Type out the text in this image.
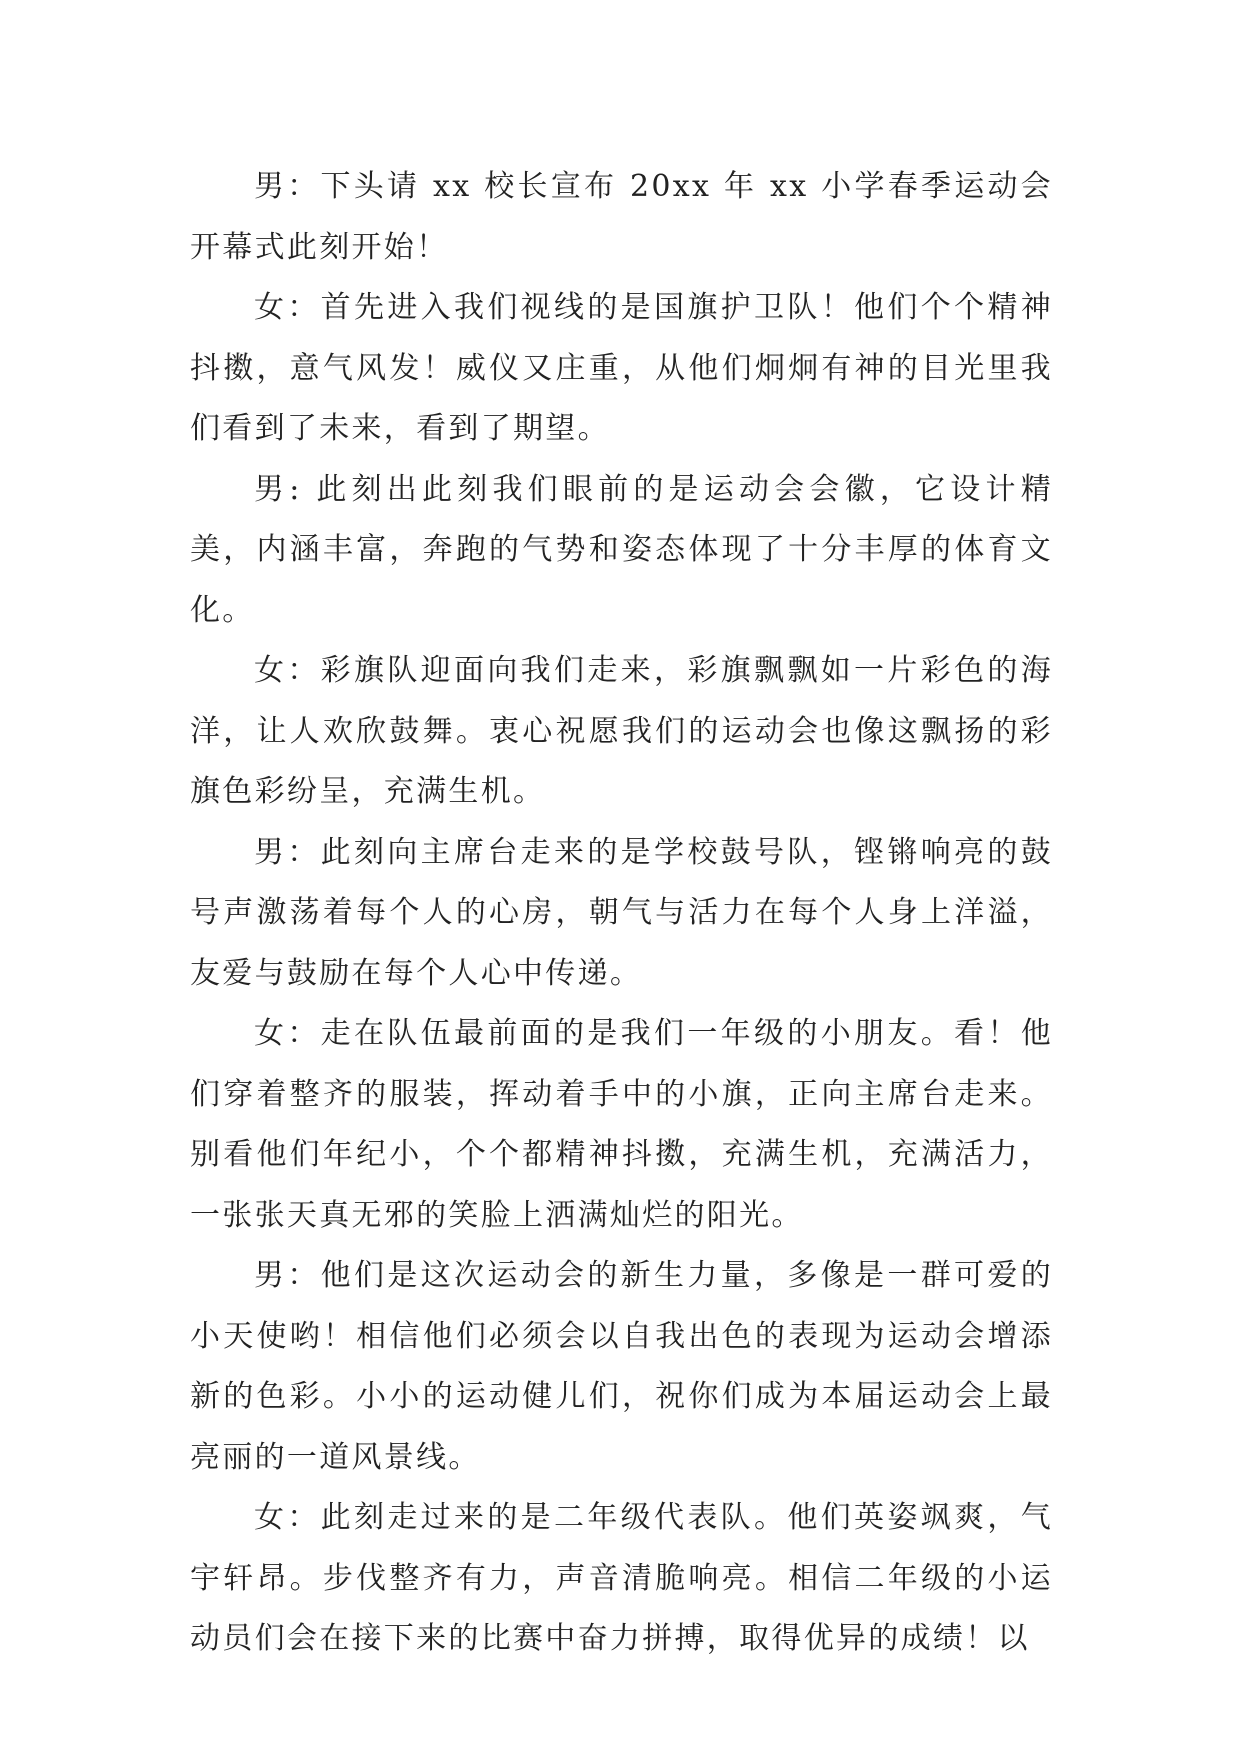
男：下头请 xx 校长宣布 20xx 年 xx 小学春季运动会开幕式此刻开始！

女：首先进入我们视线的是国旗护卫队！他们个个精神抖擞，意气风发！威仪又庄重，从他们炯炯有神的目光里我们看到了未来，看到了期望。

男: 此刻出此刻我们眼前的是运动会会徽，它设计精美，内涵丰富，奔跑的气势和姿态体现了十分丰厚的体育文化。

女：彩旗队迎面向我们走来，彩旗飘飘如一片彩色的海洋，让人欢欣鼓舞。衷心祝愿我们的运动会也像这飘扬的彩旗色彩纷呈，充满生机。

男：此刻向主席台走来的是学校鼓号队，铿锵响亮的鼓号声激荡着每个人的心房，朝气与活力在每个人身上洋溢，友爱与鼓励在每个人心中传递。

女：走在队伍最前面的是我们一年级的小朋友。看！他们穿着整齐的服装，挥动着手中的小旗，正向主席台走来。别看他们年纪小，个个都精神抖擞，充满生机，充满活力，一张张天真无邪的笑脸上洒满灿烂的阳光。

男：他们是这次运动会的新生力量，多像是一群可爱的小天使哟！相信他们必须会以自我出色的表现为运动会增添新的色彩。小小的运动健儿们，祝你们成为本届运动会上最亮丽的一道风景线。

女：此刻走过来的是二年级代表队。他们英姿飒爽，气宇轩昂。步伐整齐有力，声音清脆响亮。相信二年级的小运动员们会在接下来的比赛中奋力拼搏，取得优异的成绩！以
